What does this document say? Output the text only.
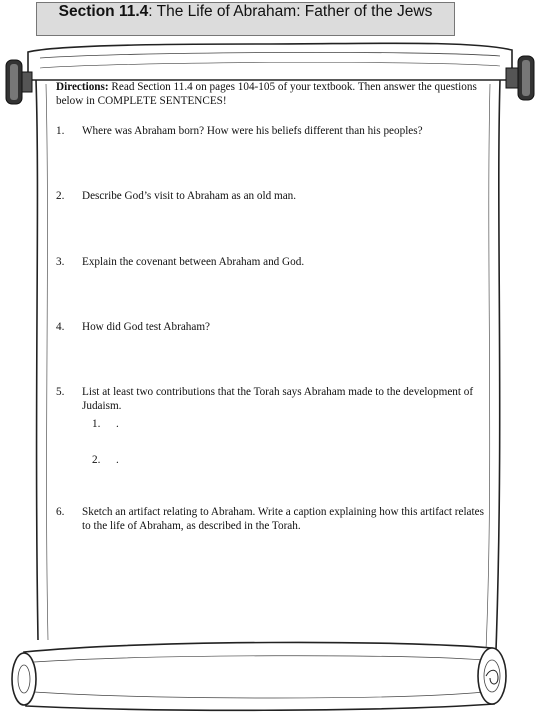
Section 11.4: The Life of Abraham: Father of the Jews

Directions: Read Section 11.4 on pages 104-105 of your textbook. Then answer the questions below in COMPLETE SENTENCES!

1. Where was Abraham born? How were his beliefs different than his peoples?
2. Describe God’s visit to Abraham as an old man.
3. Explain the covenant between Abraham and God.
4. How did God test Abraham?
5. List at least two contributions that the Torah says Abraham made to the development of Judaism.
1. .
2. .
6. Sketch an artifact relating to Abraham. Write a caption explaining how this artifact relates to the life of Abraham, as described in the Torah.
